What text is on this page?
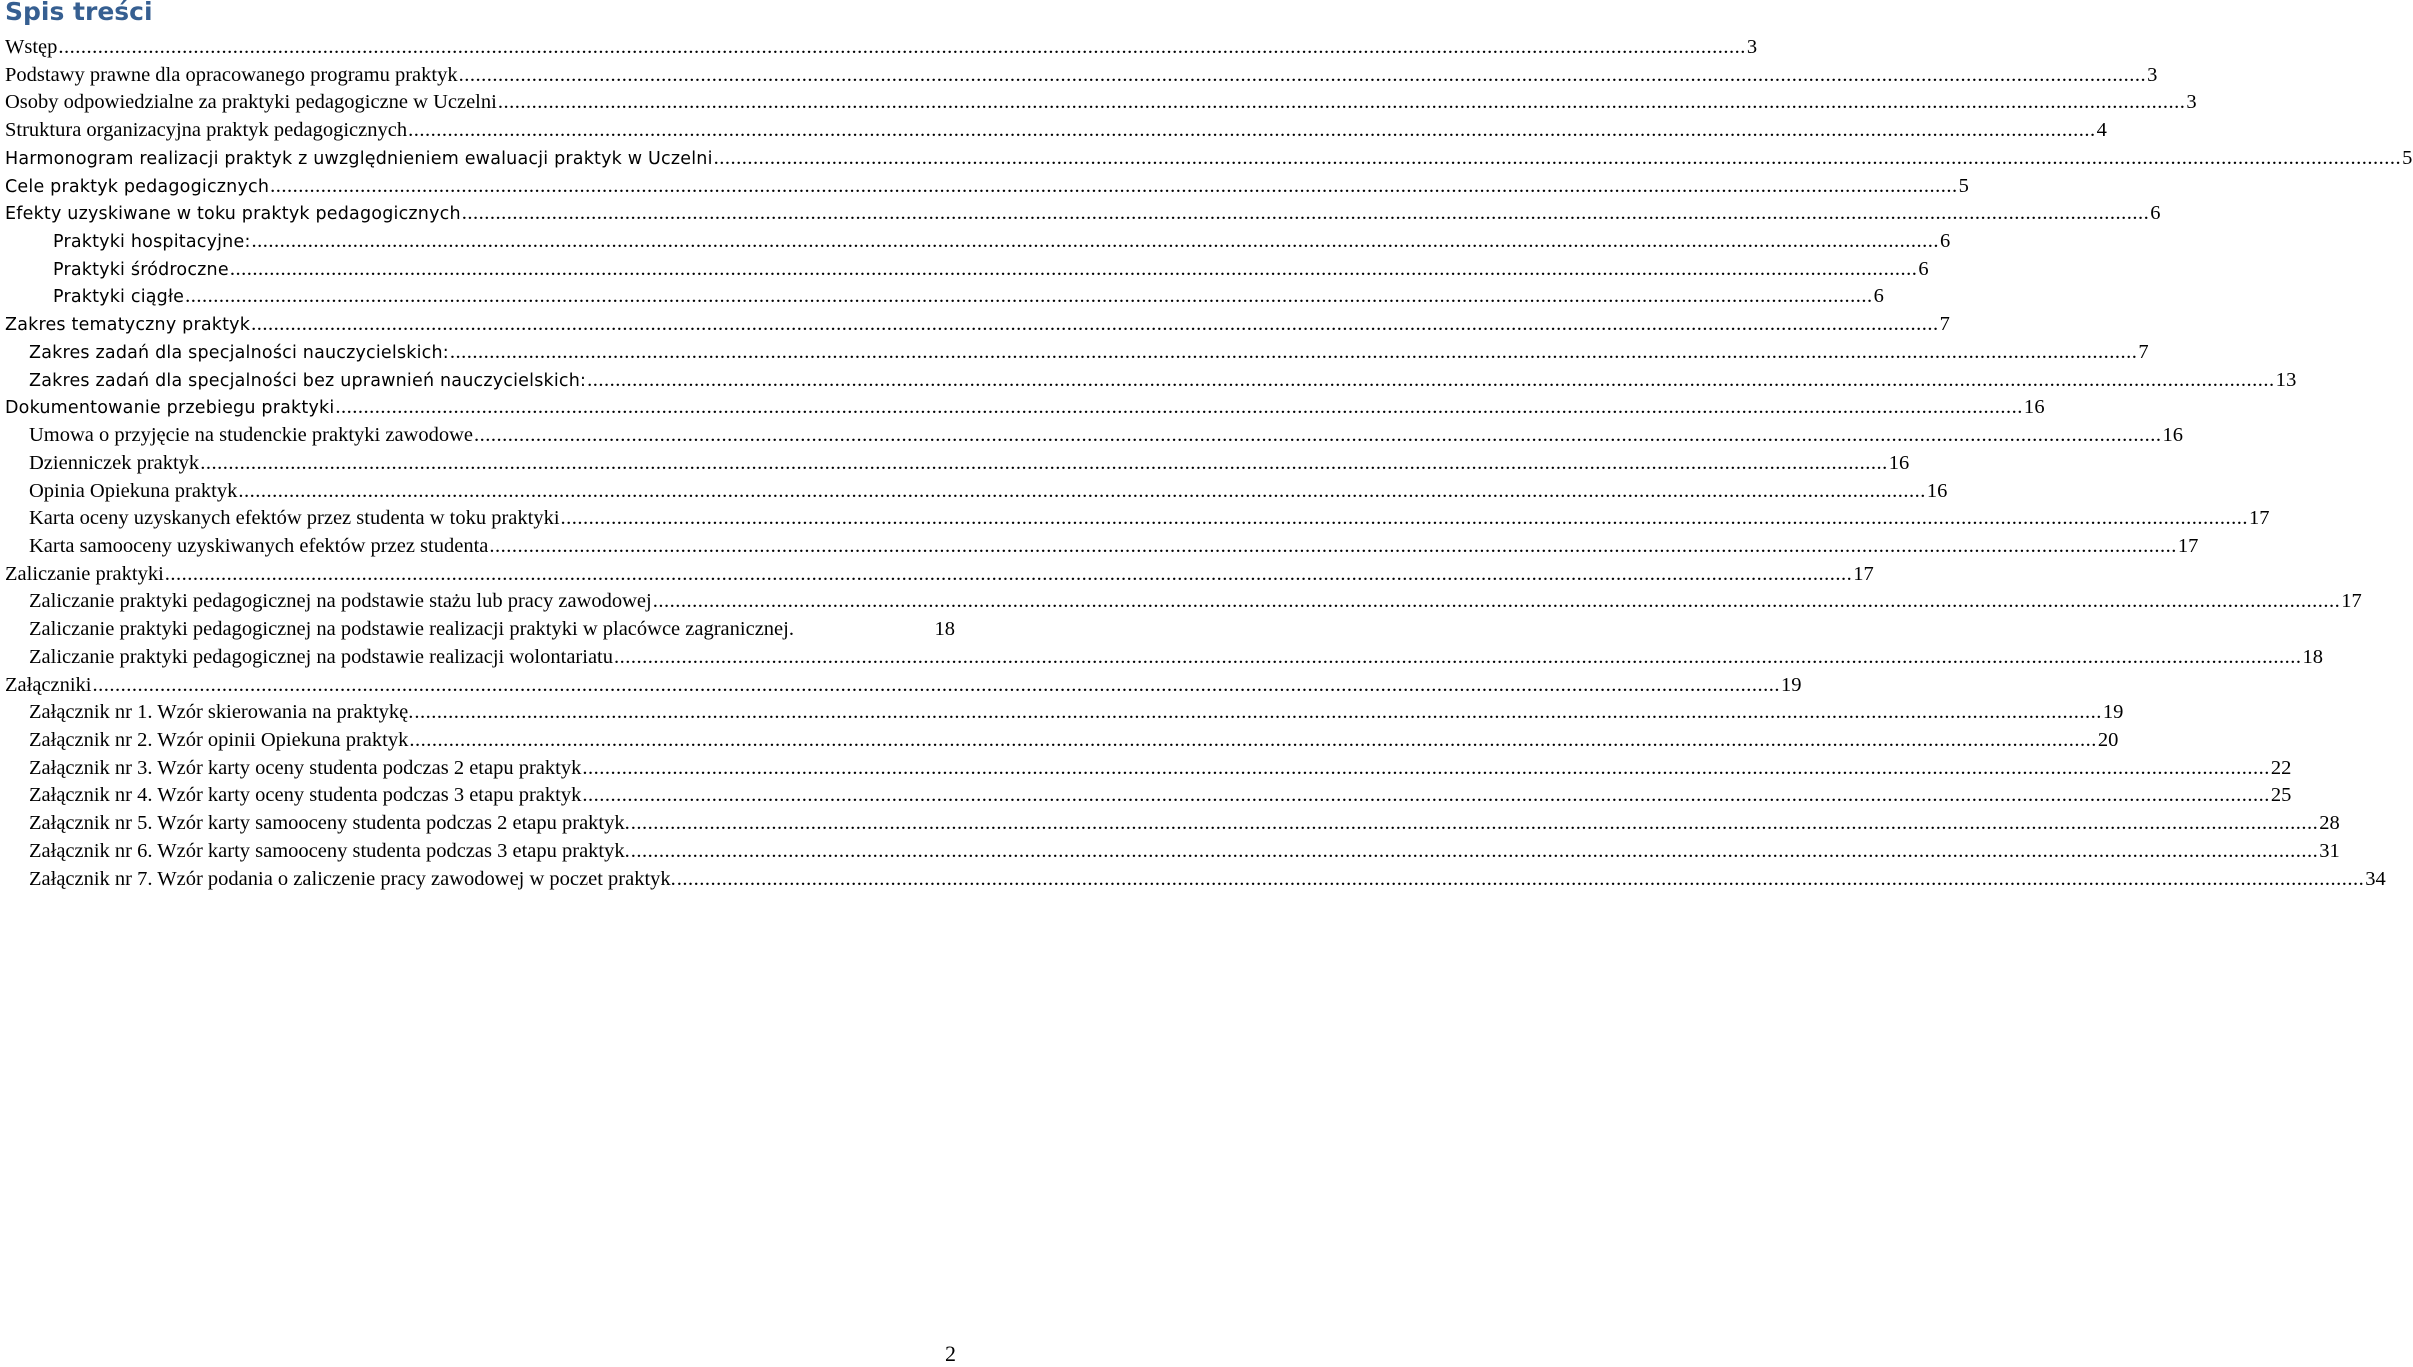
Spis treści
Wstęp ............................................................................................................................................................................................................................................................................................................ 3
Podstawy prawne dla opracowanego programu praktyk ............................................................................................................................................................................................................................................................................................................ 3
Osoby odpowiedzialne za praktyki pedagogiczne w Uczelni ............................................................................................................................................................................................................................................................................................................ 3
Struktura organizacyjna praktyk pedagogicznych ............................................................................................................................................................................................................................................................................................................ 4
Harmonogram realizacji praktyk z uwzględnieniem ewaluacji praktyk w Uczelni ............................................................................................................................................................................................................................................................................................................ 5
Cele praktyk pedagogicznych ............................................................................................................................................................................................................................................................................................................ 5
Efekty uzyskiwane w toku praktyk pedagogicznych ............................................................................................................................................................................................................................................................................................................ 6
Praktyki hospitacyjne: ............................................................................................................................................................................................................................................................................................................ 6
Praktyki śródroczne ............................................................................................................................................................................................................................................................................................................ 6
Praktyki ciągłe ............................................................................................................................................................................................................................................................................................................ 6
Zakres tematyczny praktyk ............................................................................................................................................................................................................................................................................................................ 7
Zakres zadań dla specjalności nauczycielskich: ............................................................................................................................................................................................................................................................................................................ 7
Zakres zadań dla specjalności bez uprawnień nauczycielskich: ............................................................................................................................................................................................................................................................................................................ 13
Dokumentowanie przebiegu praktyki ............................................................................................................................................................................................................................................................................................................ 16
Umowa o przyjęcie na studenckie praktyki zawodowe ............................................................................................................................................................................................................................................................................................................ 16
Dzienniczek praktyk ............................................................................................................................................................................................................................................................................................................ 16
Opinia Opiekuna praktyk ............................................................................................................................................................................................................................................................................................................ 16
Karta oceny uzyskanych efektów przez studenta w toku praktyki ............................................................................................................................................................................................................................................................................................................ 17
Karta samooceny uzyskiwanych efektów przez studenta ............................................................................................................................................................................................................................................................................................................ 17
Zaliczanie praktyki ............................................................................................................................................................................................................................................................................................................ 17
Zaliczanie praktyki pedagogicznej na podstawie stażu lub pracy zawodowej ............................................................................................................................................................................................................................................................................................................ 17
Zaliczanie praktyki pedagogicznej na podstawie realizacji praktyki w placówce zagranicznej.	18
Zaliczanie praktyki pedagogicznej na podstawie realizacji wolontariatu ............................................................................................................................................................................................................................................................................................................ 18
Załączniki ............................................................................................................................................................................................................................................................................................................ 19
Załącznik nr 1. Wzór skierowania na praktykę. ............................................................................................................................................................................................................................................................................................................ 19
Załącznik nr 2. Wzór opinii Opiekuna praktyk ............................................................................................................................................................................................................................................................................................................ 20
Załącznik nr 3. Wzór karty oceny studenta podczas 2 etapu praktyk ............................................................................................................................................................................................................................................................................................................ 22
Załącznik nr 4. Wzór karty oceny studenta podczas 3 etapu praktyk ............................................................................................................................................................................................................................................................................................................ 25
Załącznik nr 5. Wzór karty samooceny studenta podczas 2 etapu praktyk. ............................................................................................................................................................................................................................................................................................................ 28
Załącznik nr 6. Wzór karty samooceny studenta podczas 3 etapu praktyk. ............................................................................................................................................................................................................................................................................................................ 31
Załącznik nr 7. Wzór podania o zaliczenie pracy zawodowej w poczet praktyk. ............................................................................................................................................................................................................................................................................................................ 34
2
